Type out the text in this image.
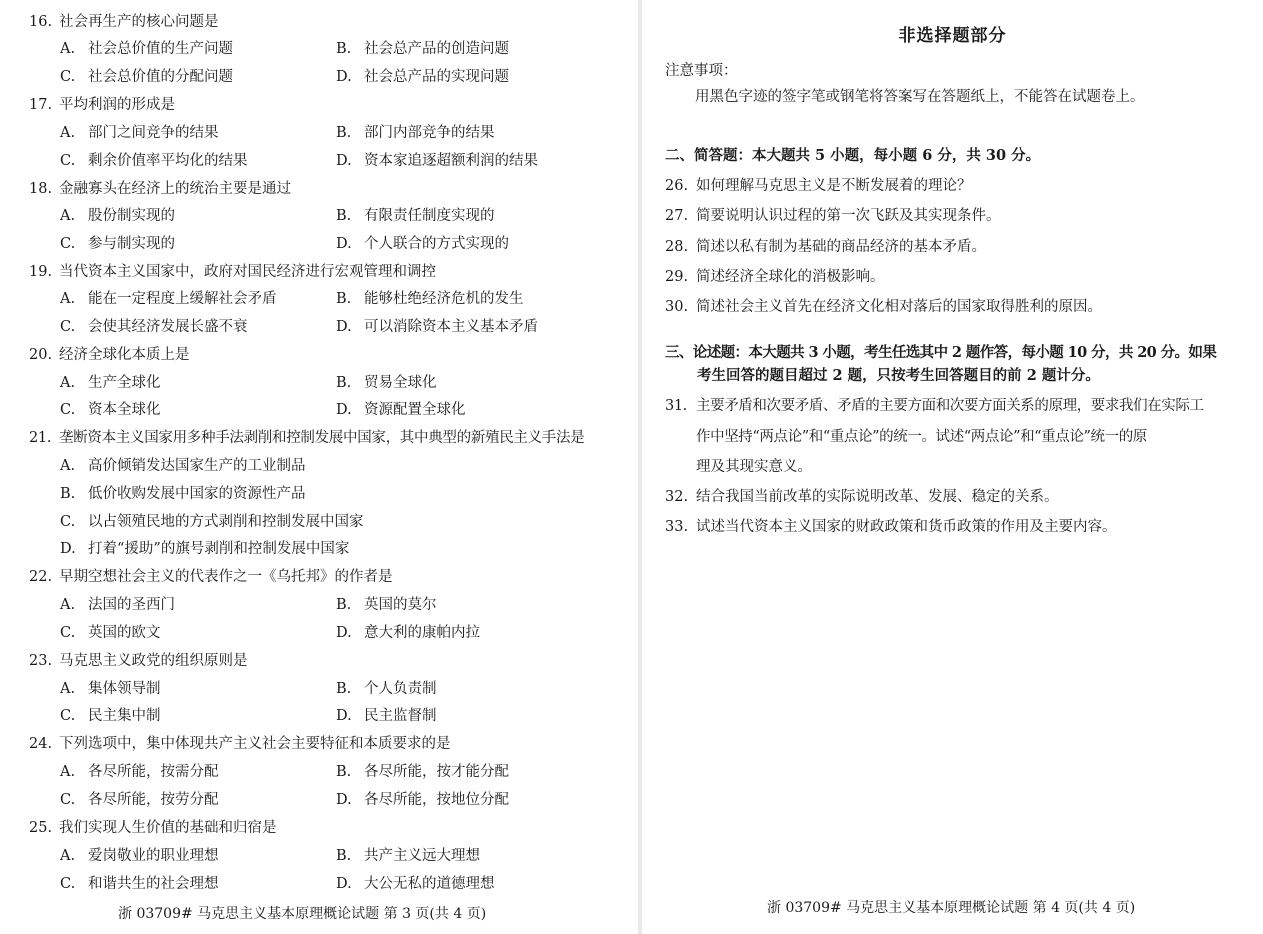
16. 社会再生产的核心问题是
A. 社会总价值的生产问题	B. 社会总产品的创造问题
C. 社会总价值的分配问题	D. 社会总产品的实现问题
17. 平均利润的形成是
A. 部门之间竞争的结果	B. 部门内部竞争的结果
C. 剩余价值率平均化的结果	D. 资本家追逐超额利润的结果
18. 金融寡头在经济上的统治主要是通过
A. 股份制实现的	B. 有限责任制度实现的
C. 参与制实现的	D. 个人联合的方式实现的
19. 当代资本主义国家中，政府对国民经济进行宏观管理和调控
A. 能在一定程度上缓解社会矛盾	B. 能够杜绝经济危机的发生
C. 会使其经济发展长盛不衰	D. 可以消除资本主义基本矛盾
20. 经济全球化本质上是
A. 生产全球化	B. 贸易全球化
C. 资本全球化	D. 资源配置全球化
21. 垄断资本主义国家用多种手法剥削和控制发展中国家，其中典型的新殖民主义手法是
A. 高价倾销发达国家生产的工业制品
B. 低价收购发展中国家的资源性产品
C. 以占领殖民地的方式剥削和控制发展中国家
D. 打着“援助”的旗号剥削和控制发展中国家
22. 早期空想社会主义的代表作之一《乌托邦》的作者是
A. 法国的圣西门	B. 英国的莫尔
C. 英国的欧文	D. 意大利的康帕内拉
23. 马克思主义政党的组织原则是
A. 集体领导制	B. 个人负责制
C. 民主集中制	D. 民主监督制
24. 下列选项中，集中体现共产主义社会主要特征和本质要求的是
A. 各尽所能，按需分配	B. 各尽所能，按才能分配
C. 各尽所能，按劳分配	D. 各尽所能，按地位分配
25. 我们实现人生价值的基础和归宿是
A. 爱岗敬业的职业理想	B. 共产主义远大理想
C. 和谐共生的社会理想	D. 大公无私的道德理想
浙 03709# 马克思主义基本原理概论试题 第 3 页(共 4 页)
非选择题部分
注意事项：
用黑色字迹的签字笔或钢笔将答案写在答题纸上，不能答在试题卷上。
二、简答题：本大题共 5 小题，每小题 6 分，共 30 分。
26. 如何理解马克思主义是不断发展着的理论？
27. 简要说明认识过程的第一次飞跃及其实现条件。
28. 简述以私有制为基础的商品经济的基本矛盾。
29. 简述经济全球化的消极影响。
30. 简述社会主义首先在经济文化相对落后的国家取得胜利的原因。
三、论述题：本大题共 3 小题，考生任选其中 2 题作答，每小题 10 分，共 20 分。如果
考生回答的题目超过 2 题，只按考生回答题目的前 2 题计分。
31. 主要矛盾和次要矛盾、矛盾的主要方面和次要方面关系的原理，要求我们在实际工
作中坚持“两点论”和“重点论”的统一。试述“两点论”和“重点论”统一的原
理及其现实意义。
32. 结合我国当前改革的实际说明改革、发展、稳定的关系。
33. 试述当代资本主义国家的财政政策和货币政策的作用及主要内容。
浙 03709# 马克思主义基本原理概论试题 第 4 页(共 4 页)
